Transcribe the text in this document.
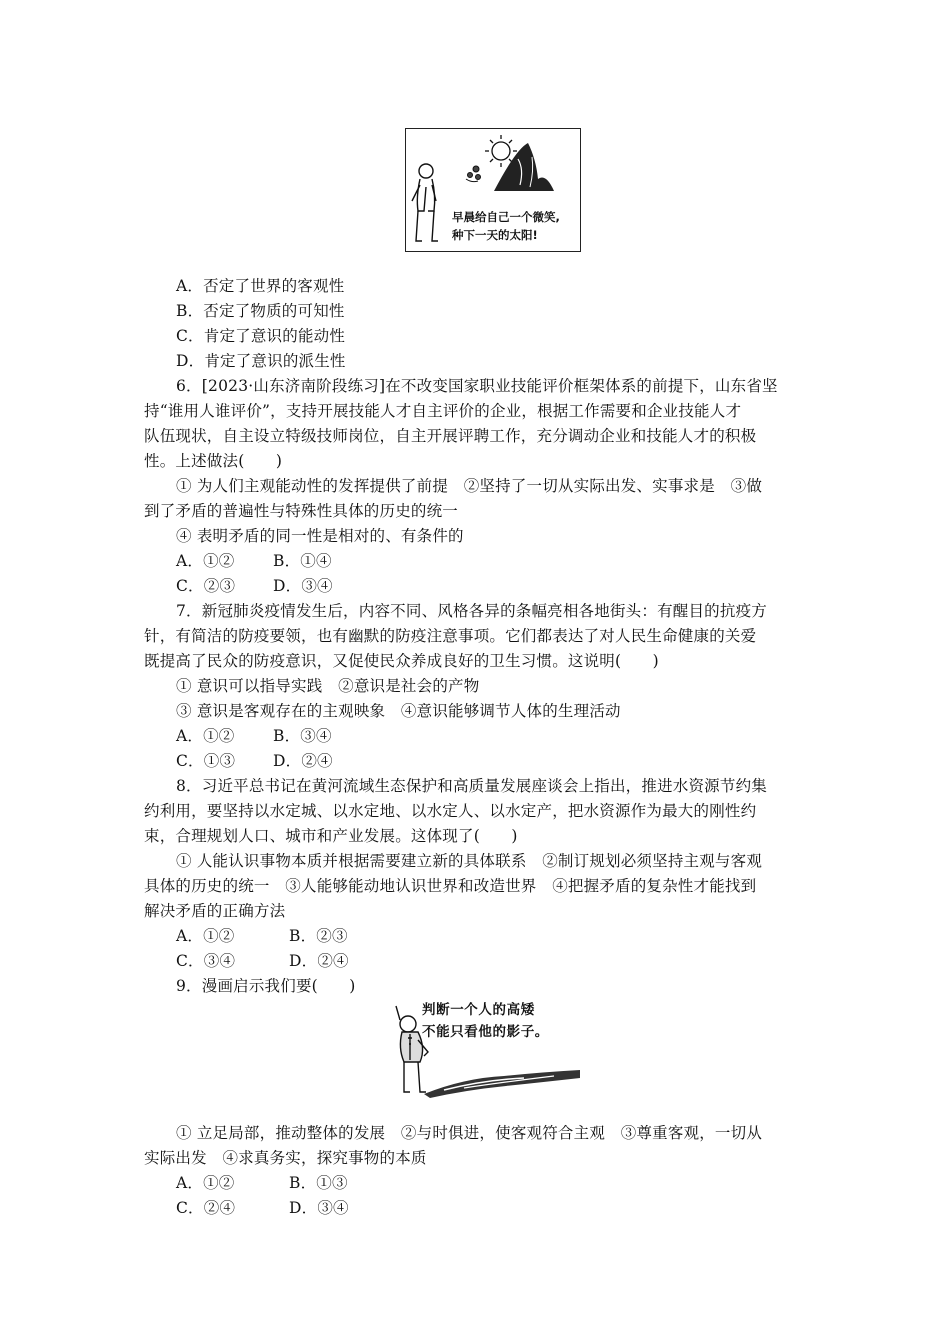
早晨给自己一个微笑,
种下一天的太阳!
A．否定了世界的客观性
B．否定了物质的可知性
C．肯定了意识的能动性
D．肯定了意识的派生性
6．[2023·山东济南阶段练习]在不改变国家职业技能评价框架体系的前提下，山东省坚
持“谁用人谁评价”，支持开展技能人才自主评价的企业，根据工作需要和企业技能人才
队伍现状，自主设立特级技师岗位，自主开展评聘工作，充分调动企业和技能人才的积极
性。上述做法(　　)
① 为人们主观能动性的发挥提供了前提　②坚持了一切从实际出发、实事求是　③做
到了矛盾的普遍性与特殊性具体的历史的统一
④ 表明矛盾的同一性是相对的、有条件的
A．①② B．①④
C．②③ D．③④
7．新冠肺炎疫情发生后，内容不同、风格各异的条幅亮相各地街头：有醒目的抗疫方
针，有简洁的防疫要领，也有幽默的防疫注意事项。它们都表达了对人民生命健康的关爱
既提高了民众的防疫意识，又促使民众养成良好的卫生习惯。这说明(　　)
① 意识可以指导实践　②意识是社会的产物
③ 意识是客观存在的主观映象　④意识能够调节人体的生理活动
A．①② B．③④
C．①③ D．②④
8．习近平总书记在黄河流域生态保护和高质量发展座谈会上指出，推进水资源节约集
约利用，要坚持以水定城、以水定地、以水定人、以水定产，把水资源作为最大的刚性约
束，合理规划人口、城市和产业发展。这体现了(　　)
① 人能认识事物本质并根据需要建立新的具体联系　②制订规划必须坚持主观与客观
具体的历史的统一　③人能够能动地认识世界和改造世界　④把握矛盾的复杂性才能找到
解决矛盾的正确方法
A．①②	B．②③
C．③④	D．②④
9．漫画启示我们要(　　)
判断一个人的高矮
不能只看他的影子。
① 立足局部，推动整体的发展　②与时俱进，使客观符合主观　③尊重客观，一切从
实际出发　④求真务实，探究事物的本质
A．①②	B．①③
C．②④	D．③④
